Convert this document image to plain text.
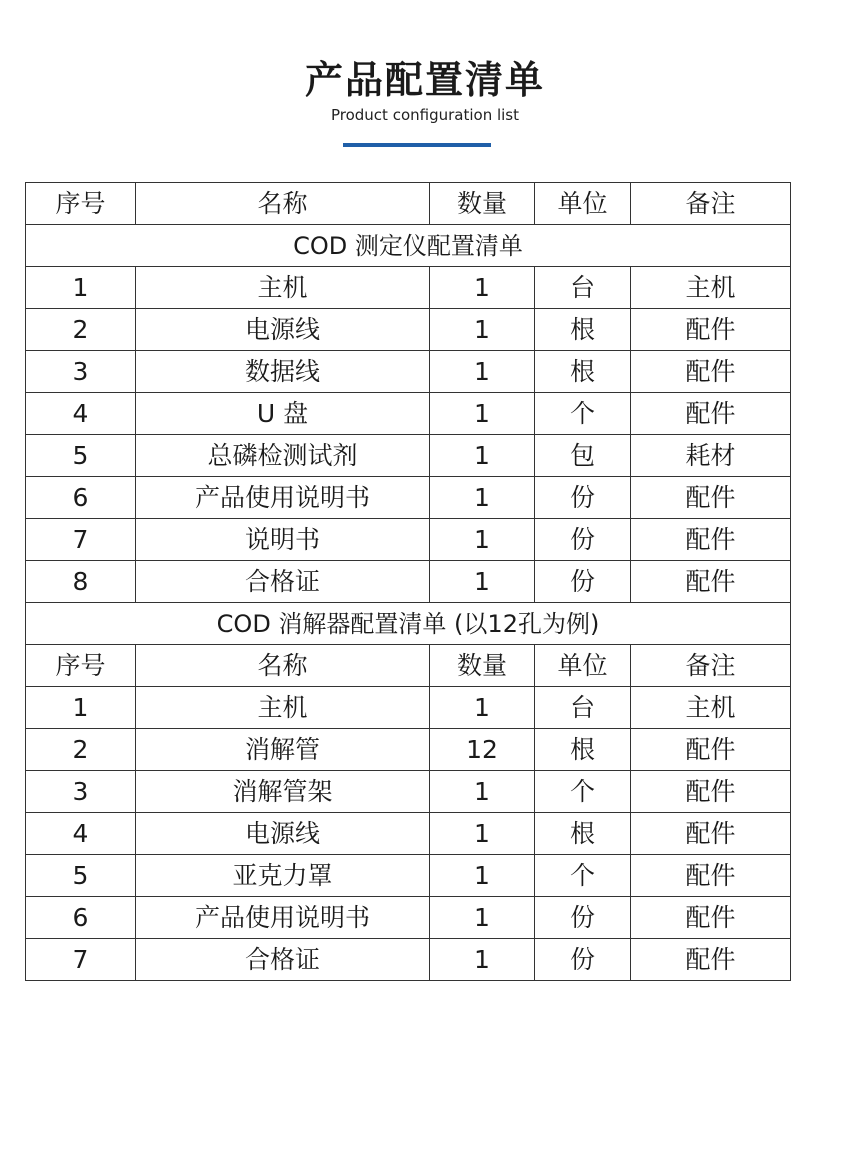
产品配置清单
Product configuration list
序号	名称	数量	单位	备注
COD 测定仪配置清单				
1	主机	1	台	主机
2	电源线	1	根	配件
3	数据线	1	根	配件
4	U 盘	1	个	配件
5	总磷检测试剂	1	包	耗材
6	产品使用说明书	1	份	配件
7	说明书	1	份	配件
8	合格证	1	份	配件
COD 消解器配置清单 (以12孔为例)				
序号	名称	数量	单位	备注
1	主机	1	台	主机
2	消解管	12	根	配件
3	消解管架	1	个	配件
4	电源线	1	根	配件
5	亚克力罩	1	个	配件
6	产品使用说明书	1	份	配件
7	合格证	1	份	配件
